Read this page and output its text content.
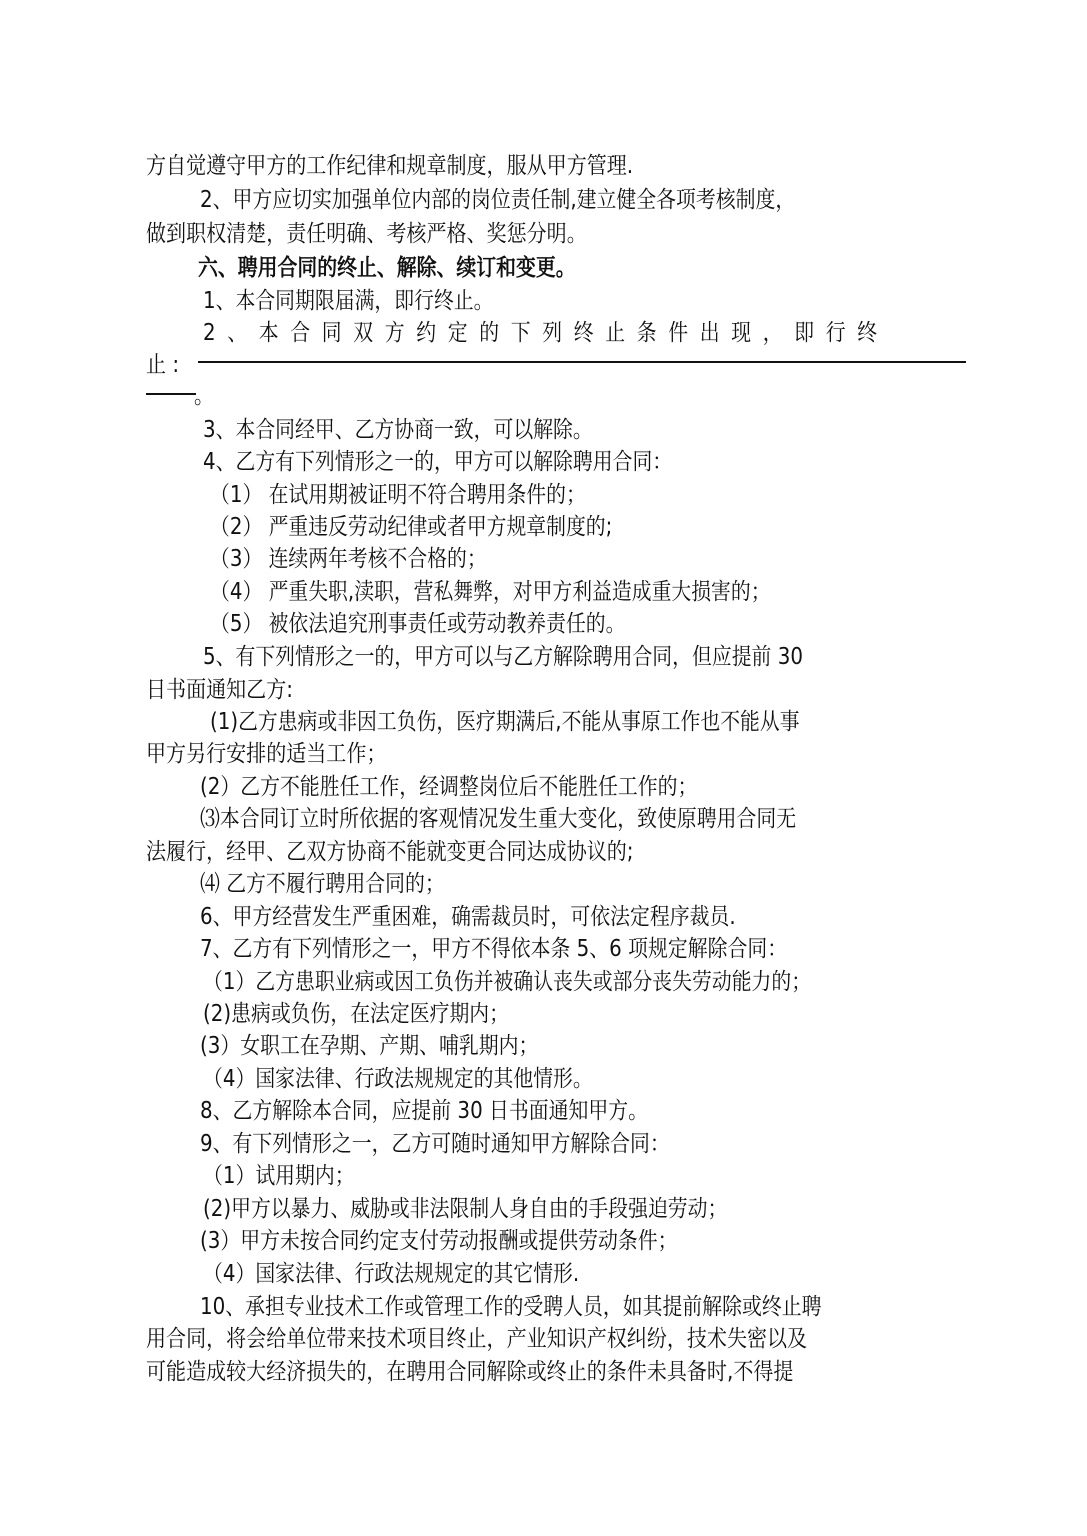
方自觉遵守甲方的工作纪律和规章制度，服从甲方管理.
2、甲方应切实加强单位内部的岗位责任制,建立健全各项考核制度，
做到职权清楚，责任明确、考核严格、奖惩分明。
六、聘用合同的终止、解除、续订和变更。
1、本合同期限届满，即行终止。
2、本合同双方约定的下列终止条件出现，即行终
止 :
。
3、本合同经甲、乙方协商一致，可以解除。
4、乙方有下列情形之一的，甲方可以解除聘用合同：
（1） 在试用期被证明不符合聘用条件的；
（2） 严重违反劳动纪律或者甲方规章制度的;
（3） 连续两年考核不合格的；
（4） 严重失职,渎职，营私舞弊，对甲方利益造成重大损害的；
（5） 被依法追究刑事责任或劳动教养责任的。
5、有下列情形之一的，甲方可以与乙方解除聘用合同，但应提前 30
日书面通知乙方:
(1)乙方患病或非因工负伤，医疗期满后,不能从事原工作也不能从事
甲方另行安排的适当工作；
(2）乙方不能胜任工作，经调整岗位后不能胜任工作的；
⑶本合同订立时所依据的客观情况发生重大变化，致使原聘用合同无
法履行，经甲、乙双方协商不能就变更合同达成协议的;
⑷ 乙方不履行聘用合同的；
6、甲方经营发生严重困难，确需裁员时，可依法定程序裁员.
7、乙方有下列情形之一，甲方不得依本条 5、6 项规定解除合同：
（1）乙方患职业病或因工负伤并被确认丧失或部分丧失劳动能力的；
(2)患病或负伤，在法定医疗期内；
(3）女职工在孕期、产期、哺乳期内；
（4）国家法律、行政法规规定的其他情形。
8、乙方解除本合同，应提前 30 日书面通知甲方。
9、有下列情形之一，乙方可随时通知甲方解除合同：
（1）试用期内；
(2)甲方以暴力、威胁或非法限制人身自由的手段强迫劳动；
(3）甲方未按合同约定支付劳动报酬或提供劳动条件；
（4）国家法律、行政法规规定的其它情形.
10、承担专业技术工作或管理工作的受聘人员，如其提前解除或终止聘
用合同，将会给单位带来技术项目终止，产业知识产权纠纷，技术失密以及
可能造成较大经济损失的，在聘用合同解除或终止的条件未具备时,不得提
